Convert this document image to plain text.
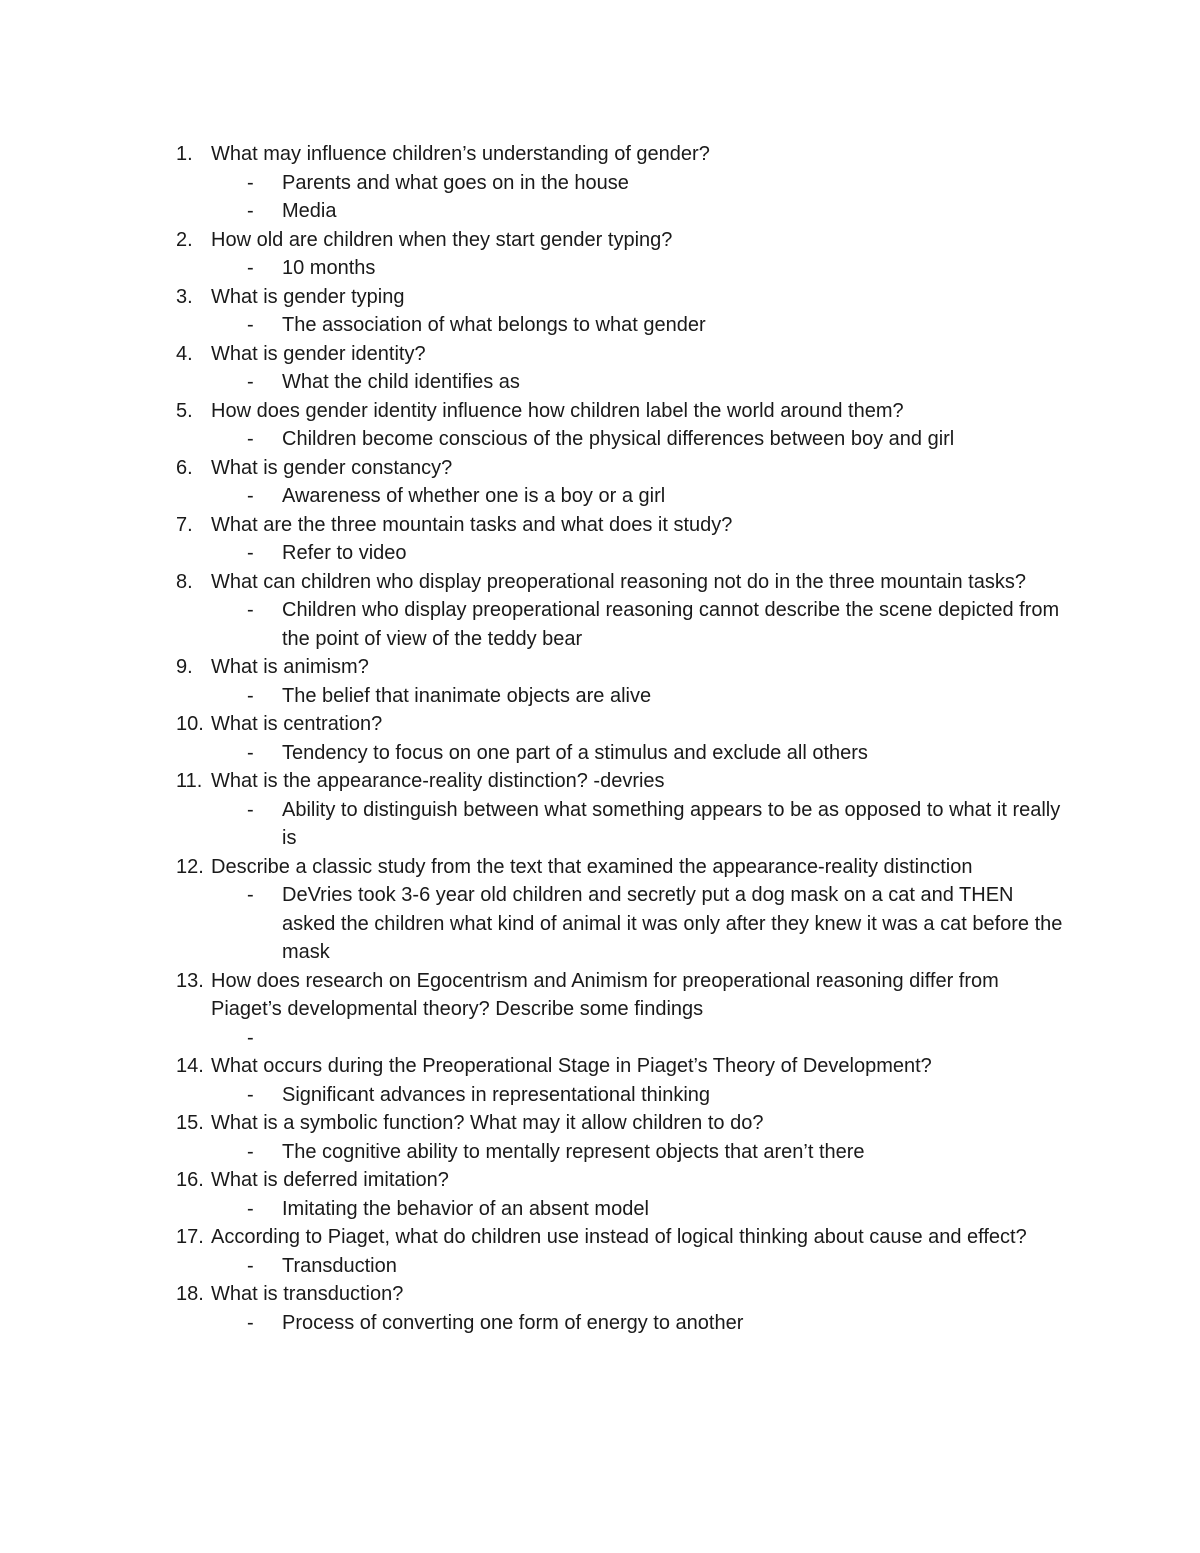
1. What may influence children’s understanding of gender?
-	Parents and what goes on in the house
-	Media
2. How old are children when they start gender typing?
-	10 months
3. What is gender typing
-	The association of what belongs to what gender
4. What is gender identity?
-	What the child identifies as
5. How does gender identity influence how children label the world around them?
-	Children become conscious of the physical differences between boy and girl
6. What is gender constancy?
-	Awareness of whether one is a boy or a girl
7. What are the three mountain tasks and what does it study?
-	Refer to video
8. What can children who display preoperational reasoning not do in the three mountain tasks?
-	Children who display preoperational reasoning cannot describe the scene depicted from the point of view of the teddy bear
9. What is animism?
-	The belief that inanimate objects are alive
10. What is centration?
-	Tendency to focus on one part of a stimulus and exclude all others
11. What is the appearance-reality distinction? -devries
-	Ability to distinguish between what something appears to be as opposed to what it really is
12. Describe a classic study from the text that examined the appearance-reality distinction
-	DeVries took 3-6 year old children and secretly put a dog mask on a cat and THEN asked the children what kind of animal it was only after they knew it was a cat before the mask
13. How does research on Egocentrism and Animism for preoperational reasoning differ from Piaget’s developmental theory? Describe some findings
-
14. What occurs during the Preoperational Stage in Piaget’s Theory of Development?
-	Significant advances in representational thinking
15. What is a symbolic function? What may it allow children to do?
-	The cognitive ability to mentally represent objects that aren’t there
16. What is deferred imitation?
-	Imitating the behavior of an absent model
17. According to Piaget, what do children use instead of logical thinking about cause and effect?
-	Transduction
18. What is transduction?
-	Process of converting one form of energy to another
